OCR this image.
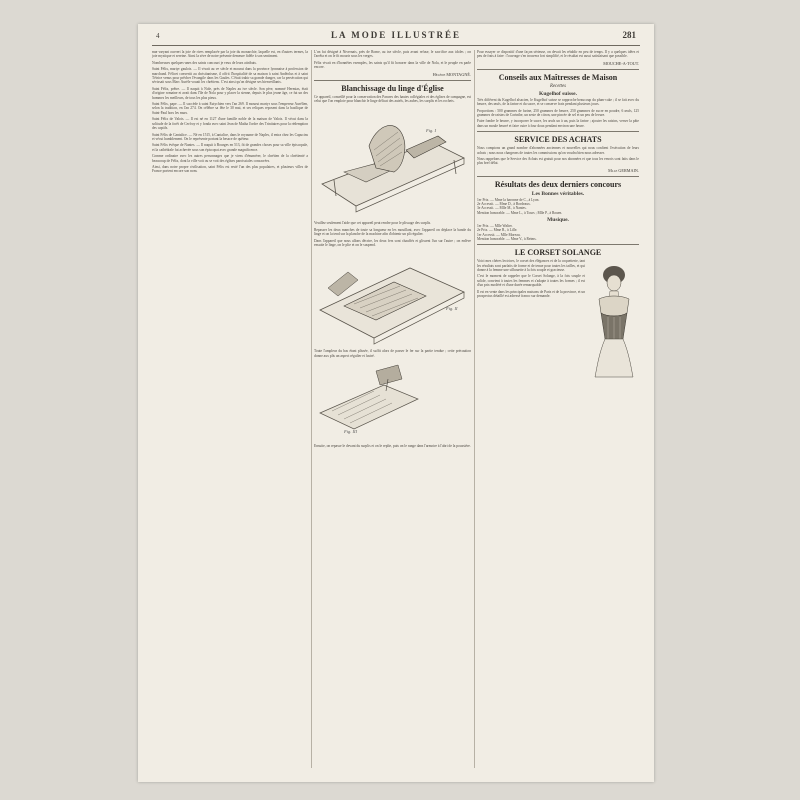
4	LA MODE ILLUSTRÉE	281

mœ vœyant ouvrert la joie de rives remplacée par la joie du monarchie, laquelle est, en d'autres termes, la joie mystique et sereine. Ainsi la sève de notre présente demeure fidèle à son sentiment.

Nombreuses quelques-unes des saints concourt je veux de leurs attributs.

Saint Félix, martyr gaulois. — Il vivait au ve siècle et mourut dans la province lyonnaise à profession de marchand. Félicet convertit au christianisme, il offrit l'hospitalité de sa maison à saint Andéolus et à saint Tétrice venus pour prêcher l'évangile dans les Gaules. C'était trahir sa grande danger, car la persécution qui sévissait sous Marc Aurèle vouait les chrétiens. C'est ainsi qu'on désigne ses bienveillants.

Saint Félix, prêtre. — Il naquit à Nole, près de Naples au ive siècle. Son père, nommé Hermias, était d'origine romaine et avait dans l'île de Nola pour y placer la sienne, depuis le plus jeune âge, ce fut un des hommes les meilleurs, de tous les plus pieux.

Saint Félix, pape. — Il succède à saint Eutychien vers l'an 269. Il mourut martyr sous l'empereur Aurélien, selon la tradition, en l'an 274. On célèbre sa fête le 30 mai, et ses reliques reposent dans la basilique de Saint-Paul hors les murs.

Saint Félix de Valois. — Il est né en 1127 d'une famille noble de la maison de Valois. Il vécut dans la solitude de la forêt de Cerfroy et y fonda avec saint Jean de Matha l'ordre des Trinitaires pour la rédemption des captifs.

Saint Félix de Cantalice. — Né en 1515, à Cantalice, dans le royaume de Naples, il entra chez les Capucins et vécut humblement. On le représente portant la besace de quêteur.

Saint Félix évêque de Nantes. — Il naquit à Bourges en 513, fit de grandes choses pour sa ville épiscopale, et la cathédrale fut achevée sous son épiscopat avec grande magnificence.

Comme ordinaire avec les autres personnages que je viens d'énumérer, le chrétien de la chrétienté a beaucoup de Félix, dont la ville voit ou se voit des églises paroissiales consacrées.

Ainsi, dans notre propre civilisation, saint Félix est resté l'un des plus populaires, et plusieurs villes de France portent encore son nom.

L'on fut désigné à Nivernais, près de Rome, au ixe siècle, puis avant refuse, le sacrifice aux idoles ; on l'arrêta et on le fit mourir sous les verges.

Félix vivait en d'honnêtes exemples, les saints qu'il fit honorer dans la ville de Nola, et le peuple en parle encore.

Hélène MONTAGNÉ.
Blanchissage du linge d'Église

Ce appareil, conseillé pour la conservation des Parures des hautes collégiales et des églises de campagne, est celui que l'on emploie pour blanchir le linge délicat des autels, les aubes, les surplis et les rochets.

Fig. I

Veuillez seulement l'aide que cet appareil peut rendre pour le plissage des surplis.

Repasser les deux manches de toute sa longueur en les mouillant, avec l'appareil on déplace la bande du linge et on la tend sur la planche de la machine afin d'obtenir un pli régulier.

Dans l'appareil que nous allons décrire, les deux fers sont chauffés et glissent l'un sur l'autre ; on enlève ensuite le linge, on le plie et on le suspend.

Fig. II

Toute l'ampleur du bas étant plissée, il suffit alors de passer le fer sur la partie tendue ; cette précaution donne aux plis un aspect régulier et lustré.

Fig. III

Ensuite, on repasse le devant du surplis et on le replie, puis on le range dans l'armoire à l'abri de la poussière.

Pour essayer ce dispositif d'une façon sérieuse, on devait les rétablir en peu de temps. Il y a quelques idées et peu de frais à faire : l'ouvrage s'en trouvera fort simplifié, et le résultat est aussi satisfaisant que possible.

MOUCHE-A-TOUT.
Conseils aux Maîtresses de Maison
Recettes
Kugelhof suisse.

Très différent du Kugelhof alsacien, le Kugelhof suisse se rapproche beaucoup du plum-cake ; il se fait avec du beurre, des œufs, de la farine et du sucre, et se conserve frais pendant plusieurs jours.

Proportions : 500 grammes de farine, 250 grammes de beurre, 250 grammes de sucre en poudre, 6 œufs, 125 grammes de raisins de Corinthe, un zeste de citron, une pincée de sel et un peu de levure.

Faire fondre le beurre, y incorporer le sucre, les œufs un à un, puis la farine ; ajouter les raisins, verser la pâte dans un moule beurré et faire cuire à four doux pendant environ une heure.

SERVICE DES ACHATS

Nous comptons un grand nombre d'abonnées anciennes et nouvelles qui nous confient l'exécution de leurs achats ; nous nous chargeons de toutes les commissions qu'on voudra bien nous adresser.

Nous rappelons que le Service des Achats est gratuit pour nos abonnées et que tous les envois sont faits dans le plus bref délai.

Mlle GERMAIN.
Résultats des deux derniers concours
Les Bonnes véritables.
1er Prix. — Mme la baronne de C., à Lyon.
2e Accessit. — Mme D., à Bordeaux.
3e Accessit. — Mlle M., à Nantes.
Mention honorable. — Mme L., à Tours ; Mlle P., à Rouen.
Musique.
1er Prix. — Mlle Walter.
2e Prix. — Mme R., à Lille.
1er Accessit. — Mlle Moreau.
Mention honorable. — Mme V., à Reims.
LE CORSET SOLANGE

Voici mes chères lectrices, le corset des élégances et de la coquetterie, tant les résultats sont parfaits de forme et de tenue pour toutes les tailles, et qui donne à la femme une silhouette à la fois souple et gracieuse.

C'est le moment de rappeler que le Corset Solange, à la fois souple et solide, convient à toutes les femmes et s'adapte à toutes les formes ; il est d'un prix modéré et d'une durée remarquable.

Il est en vente dans les principales maisons de Paris et de la province, et un prospectus détaillé est adressé franco sur demande.
